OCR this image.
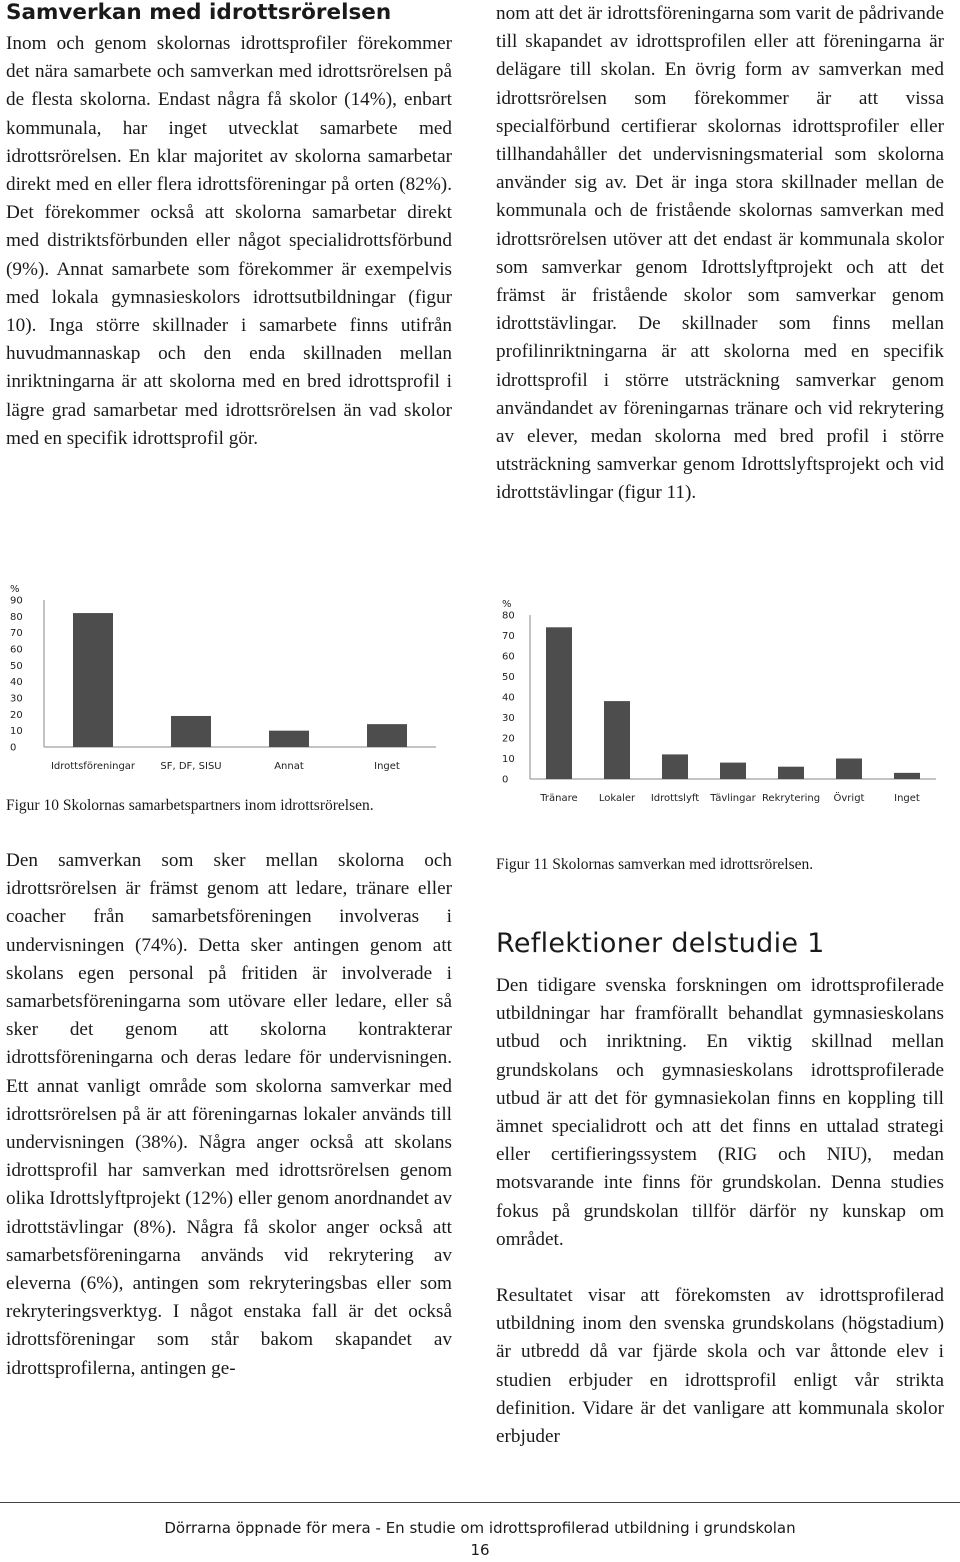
Samverkan med idrottsrörelsen

Inom och genom skolornas idrottsprofiler förekommer det nära samarbete och samverkan med idrottsrörelsen på de flesta skolorna. Endast några få skolor (14%), enbart kommunala, har inget utvecklat samarbete med idrottsrörelsen. En klar majoritet av skolorna samarbetar direkt med en eller flera idrottsföreningar på orten (82%). Det förekommer också att skolorna samarbetar direkt med distriktsförbunden eller något specialidrottsförbund (9%). Annat samarbete som förekommer är exempelvis med lokala gymnasieskolors idrottsutbildningar (figur 10). Inga större skillnader i samarbete finns utifrån huvudmannaskap och den enda skillnaden mellan inriktningarna är att skolorna med en bred idrottsprofil i lägre grad samarbetar med idrottsrörelsen än vad skolor med en specifik idrottsprofil gör.

%
90
80
70
60
50
40
30
20
10
0
Idrottsföreningar	SF, DF, SISU	Annat	Inget
Figur 10 Skolornas samarbetspartners inom idrottsrörelsen.

Den samverkan som sker mellan skolorna och idrottsrörelsen är främst genom att ledare, tränare eller coacher från samarbetsföreningen involveras i undervisningen (74%). Detta sker antingen genom att skolans egen personal på fritiden är involverade i samarbetsföreningarna som utövare eller ledare, eller så sker det genom att skolorna kontrakterar idrottsföreningarna och deras ledare för undervisningen. Ett annat vanligt område som skolorna samverkar med idrottsrörelsen på är att föreningarnas lokaler används till undervisningen (38%). Några anger också att skolans idrottsprofil har samverkan med idrottsrörelsen genom olika Idrottslyftprojekt (12%) eller genom anordnandet av idrottstävlingar (8%). Några få skolor anger också att samarbetsföreningarna används vid rekrytering av eleverna (6%), antingen som rekryteringsbas eller som rekryteringsverktyg. I något enstaka fall är det också idrottsföreningar som står bakom skapandet av idrottsprofilerna, antingen ge-

nom att det är idrottsföreningarna som varit de pådrivande till skapandet av idrottsprofilen eller att föreningarna är delägare till skolan. En övrig form av samverkan med idrottsrörelsen som förekommer är att vissa specialförbund certifierar skolornas idrottsprofiler eller tillhandahåller det undervisningsmaterial som skolorna använder sig av. Det är inga stora skillnader mellan de kommunala och de fristående skolornas samverkan med idrottsrörelsen utöver att det endast är kommunala skolor som samverkar genom Idrottslyftprojekt och att det främst är fristående skolor som samverkar genom idrottstävlingar. De skillnader som finns mellan profilinriktningarna är att skolorna med en specifik idrottsprofil i större utsträckning samverkar genom användandet av föreningarnas tränare och vid rekrytering av elever, medan skolorna med bred profil i större utsträckning samverkar genom Idrottslyftsprojekt och vid idrottstävlingar (figur 11).

%
80
70
60
50
40
30
20
10
0
Tränare Lokaler Idrottslyft Tävlingar Rekrytering Övrigt	Inget
Figur 11 Skolornas samverkan med idrottsrörelsen.
Reflektioner delstudie 1

Den tidigare svenska forskningen om idrottsprofilerade utbildningar har framförallt behandlat gymnasieskolans utbud och inriktning. En viktig skillnad mellan grundskolans och gymnasieskolans idrottsprofilerade utbud är att det för gymnasiekolan finns en koppling till ämnet specialidrott och att det finns en uttalad strategi eller certifieringssystem (RIG och NIU), medan motsvarande inte finns för grundskolan. Denna studies fokus på grundskolan tillför därför ny kunskap om området.

Resultatet visar att förekomsten av idrottsprofilerad utbildning inom den svenska grundskolans (högstadium) är utbredd då var fjärde skola och var åttonde elev i studien erbjuder en idrottsprofil enligt vår strikta definition. Vidare är det vanligare att kommunala skolor erbjuder

Dörrarna öppnade för mera - En studie om idrottsprofilerad utbildning i grundskolan
16
